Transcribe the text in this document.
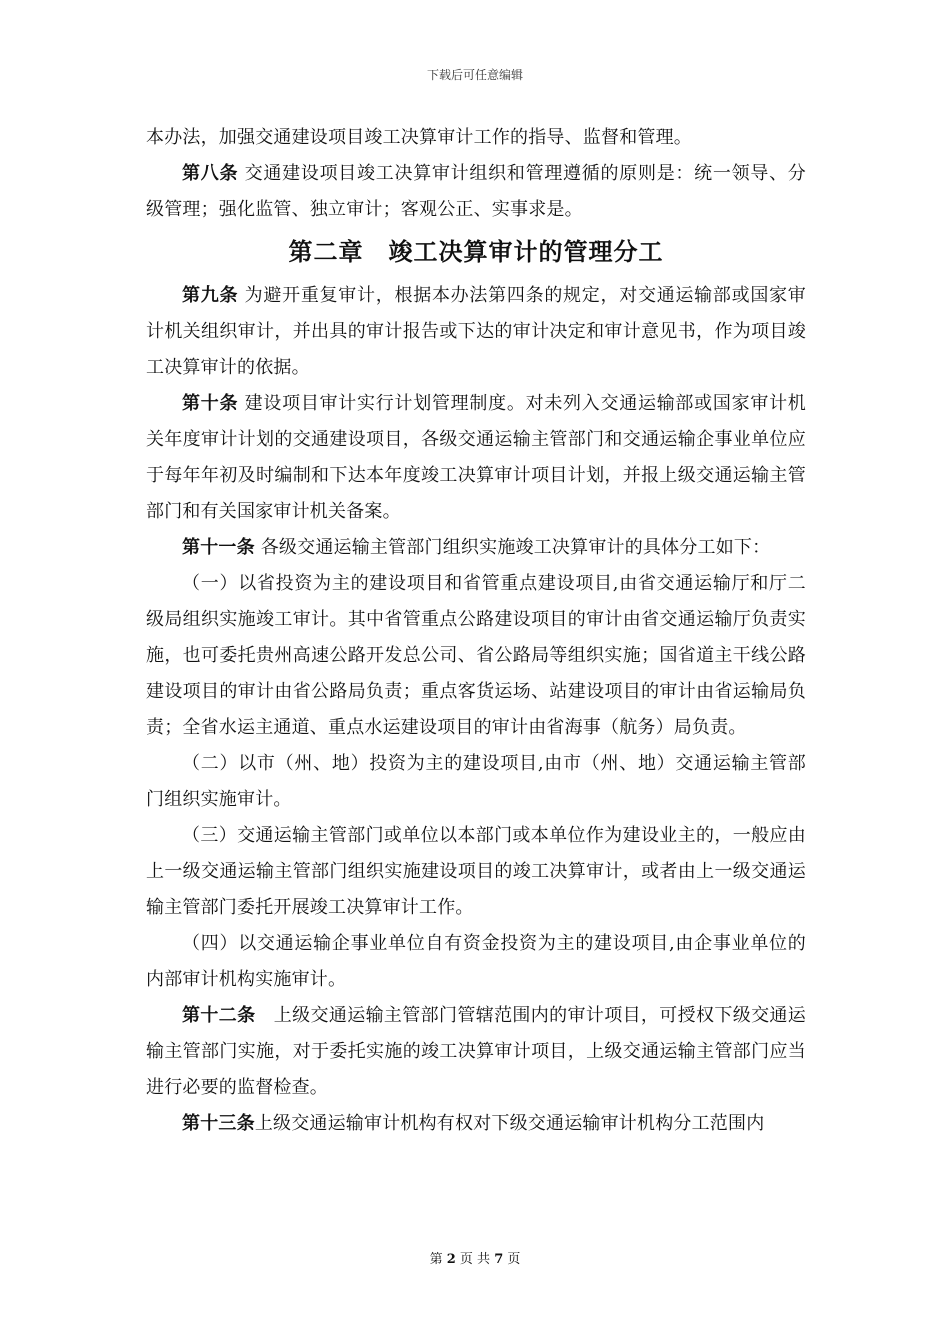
下载后可任意编辑

本办法，加强交通建设项目竣工决算审计工作的指导、监督和管理。

第八条 交通建设项目竣工决算审计组织和管理遵循的原则是：统一领导、分级管理；强化监管、独立审计；客观公正、实事求是。

第二章　竣工决算审计的管理分工

第九条 为避开重复审计，根据本办法第四条的规定，对交通运输部或国家审计机关组织审计，并出具的审计报告或下达的审计决定和审计意见书，作为项目竣工决算审计的依据。

第十条 建设项目审计实行计划管理制度。对未列入交通运输部或国家审计机关年度审计计划的交通建设项目，各级交通运输主管部门和交通运输企事业单位应于每年年初及时编制和下达本年度竣工决算审计项目计划，并报上级交通运输主管部门和有关国家审计机关备案。

第十一条 各级交通运输主管部门组织实施竣工决算审计的具体分工如下：

（一）以省投资为主的建设项目和省管重点建设项目,由省交通运输厅和厅二级局组织实施竣工审计。其中省管重点公路建设项目的审计由省交通运输厅负责实施，也可委托贵州高速公路开发总公司、省公路局等组织实施；国省道主干线公路建设项目的审计由省公路局负责；重点客货运场、站建设项目的审计由省运输局负责；全省水运主通道、重点水运建设项目的审计由省海事（航务）局负责。

（二）以市（州、地）投资为主的建设项目,由市（州、地）交通运输主管部门组织实施审计。

（三）交通运输主管部门或单位以本部门或本单位作为建设业主的，一般应由上一级交通运输主管部门组织实施建设项目的竣工决算审计，或者由上一级交通运输主管部门委托开展竣工决算审计工作。

（四）以交通运输企事业单位自有资金投资为主的建设项目,由企事业单位的内部审计机构实施审计。

第十二条　上级交通运输主管部门管辖范围内的审计项目，可授权下级交通运输主管部门实施，对于委托实施的竣工决算审计项目，上级交通运输主管部门应当进行必要的监督检查。

第十三条上级交通运输审计机构有权对下级交通运输审计机构分工范围内

第 2 页 共 7 页
